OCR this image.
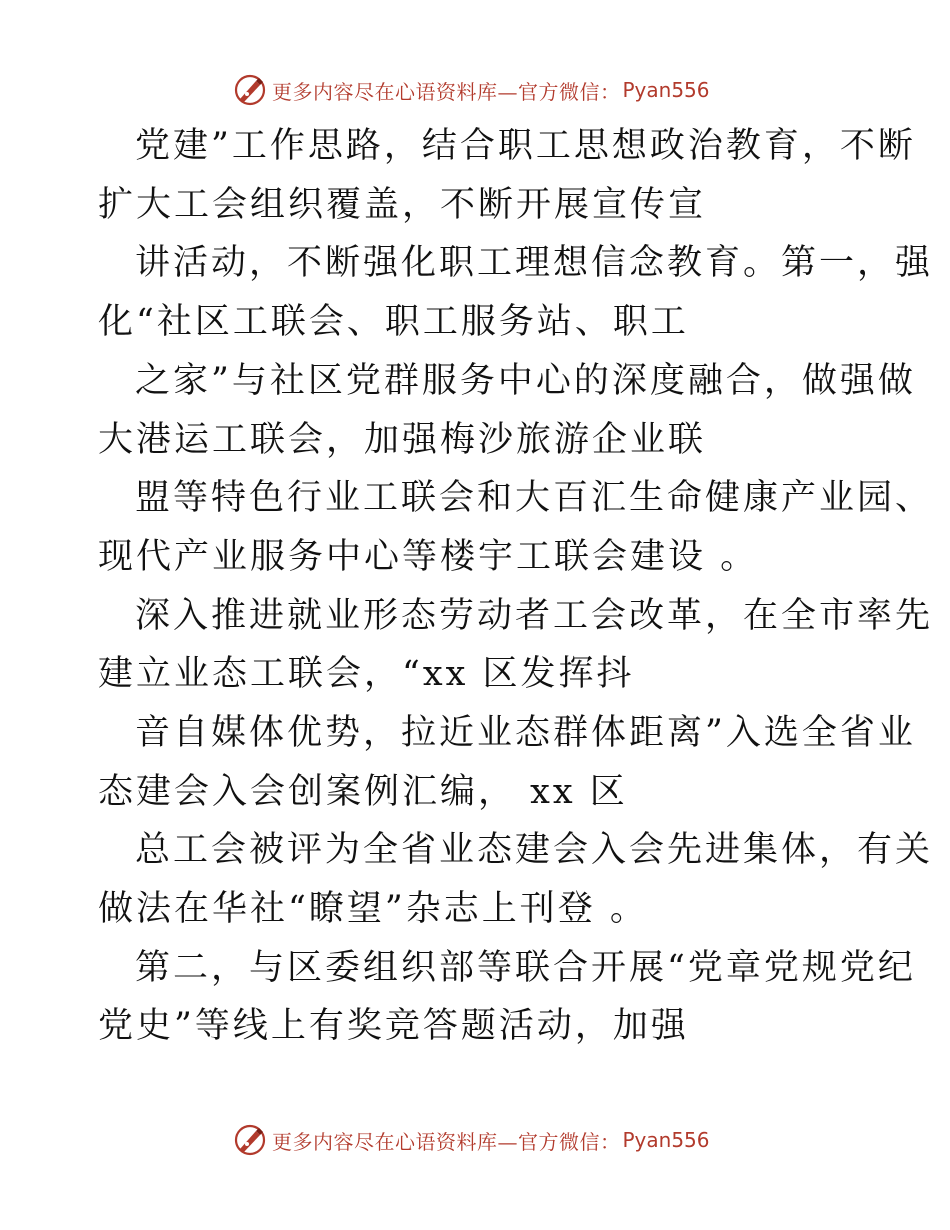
更多内容尽在心语资料库—官方微信： Pyan556
党建”工作思路，结合职工思想政治教育，不断
扩大工会组织覆盖，不断开展宣传宣
讲活动，不断强化职工理想信念教育。第一，强
化“社区工联会、职工服务站、职工
之家”与社区党群服务中心的深度融合，做强做
大港运工联会，加强梅沙旅游企业联
盟等特色行业工联会和大百汇生命健康产业园、
现代产业服务中心等楼宇工联会建设 。
深入推进就业形态劳动者工会改革，在全市率先
建立业态工联会，“xx 区发挥抖
音自媒体优势，拉近业态群体距离”入选全省业
态建会入会创案例汇编， xx 区
总工会被评为全省业态建会入会先进集体，有关
做法在华社“瞭望”杂志上刊登 。
第二，与区委组织部等联合开展“党章党规党纪
党史”等线上有奖竞答题活动，加强
更多内容尽在心语资料库—官方微信： Pyan556
